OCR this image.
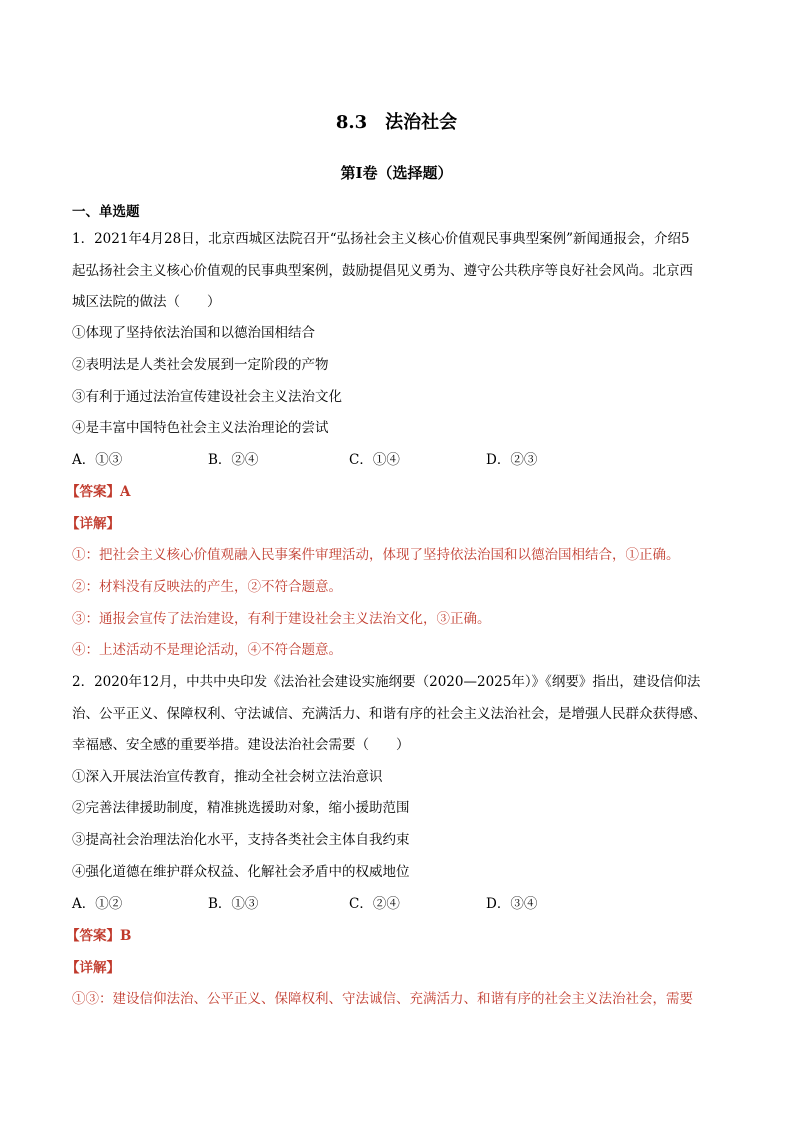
8.3　法治社会
第Ⅰ卷（选择题）
一、单选题
1．2021年4月28日，北京西城区法院召开“弘扬社会主义核心价值观民事典型案例”新闻通报会，介绍5
起弘扬社会主义核心价值观的民事典型案例，鼓励提倡见义勇为、遵守公共秩序等良好社会风尚。北京西
城区法院的做法（　　）
①体现了坚持依法治国和以德治国相结合
②表明法是人类社会发展到一定阶段的产物
③有利于通过法治宣传建设社会主义法治文化
④是丰富中国特色社会主义法治理论的尝试
A．①③	B．②④	C．①④	D．②③
【答案】A
【详解】
①：把社会主义核心价值观融入民事案件审理活动，体现了坚持依法治国和以德治国相结合，①正确。
②：材料没有反映法的产生，②不符合题意。
③：通报会宣传了法治建设，有利于建设社会主义法治文化，③正确。
④：上述活动不是理论活动，④不符合题意。
2．2020年12月，中共中央印发《法治社会建设实施纲要（2020—2025年）》《纲要》指出，建设信仰法
治、公平正义、保障权利、守法诚信、充满活力、和谐有序的社会主义法治社会，是增强人民群众获得感、
幸福感、安全感的重要举措。建设法治社会需要（　　）
①深入开展法治宣传教育，推动全社会树立法治意识
②完善法律援助制度，精准挑选援助对象，缩小援助范围
③提高社会治理法治化水平，支持各类社会主体自我约束
④强化道德在维护群众权益、化解社会矛盾中的权威地位
A．①②	B．①③	C．②④	D．③④
【答案】B
【详解】
①③：建设信仰法治、公平正义、保障权利、守法诚信、充满活力、和谐有序的社会主义法治社会，需要
